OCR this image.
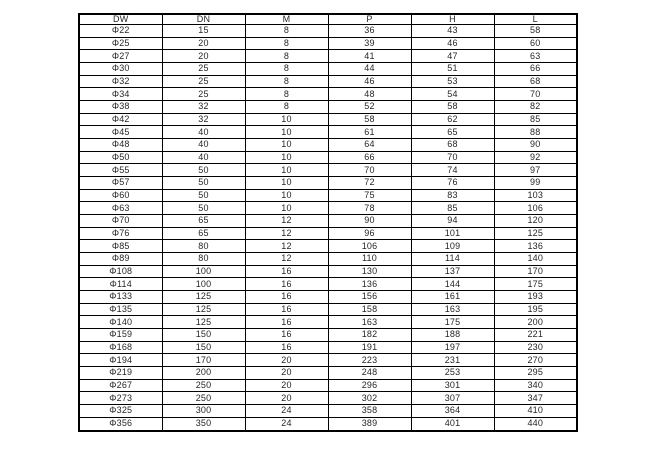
DW	DN	M	P	H	L
Φ22	15	8	36	43	58
Φ25	20	8	39	46	60
Φ27	20	8	41	47	63
Φ30	25	8	44	51	66
Φ32	25	8	46	53	68
Φ34	25	8	48	54	70
Φ38	32	8	52	58	82
Φ42	32	10	58	62	85
Φ45	40	10	61	65	88
Φ48	40	10	64	68	90
Φ50	40	10	66	70	92
Φ55	50	10	70	74	97
Φ57	50	10	72	76	99
Φ60	50	10	75	83	103
Φ63	50	10	78	85	106
Φ70	65	12	90	94	120
Φ76	65	12	96	101	125
Φ85	80	12	106	109	136
Φ89	80	12	110	114	140
Φ108	100	16	130	137	170
Φ114	100	16	136	144	175
Φ133	125	16	156	161	193
Φ135	125	16	158	163	195
Φ140	125	16	163	175	200
Φ159	150	16	182	188	221
Φ168	150	16	191	197	230
Φ194	170	20	223	231	270
Φ219	200	20	248	253	295
Φ267	250	20	296	301	340
Φ273	250	20	302	307	347
Φ325	300	24	358	364	410
Φ356	350	24	389	401	440
